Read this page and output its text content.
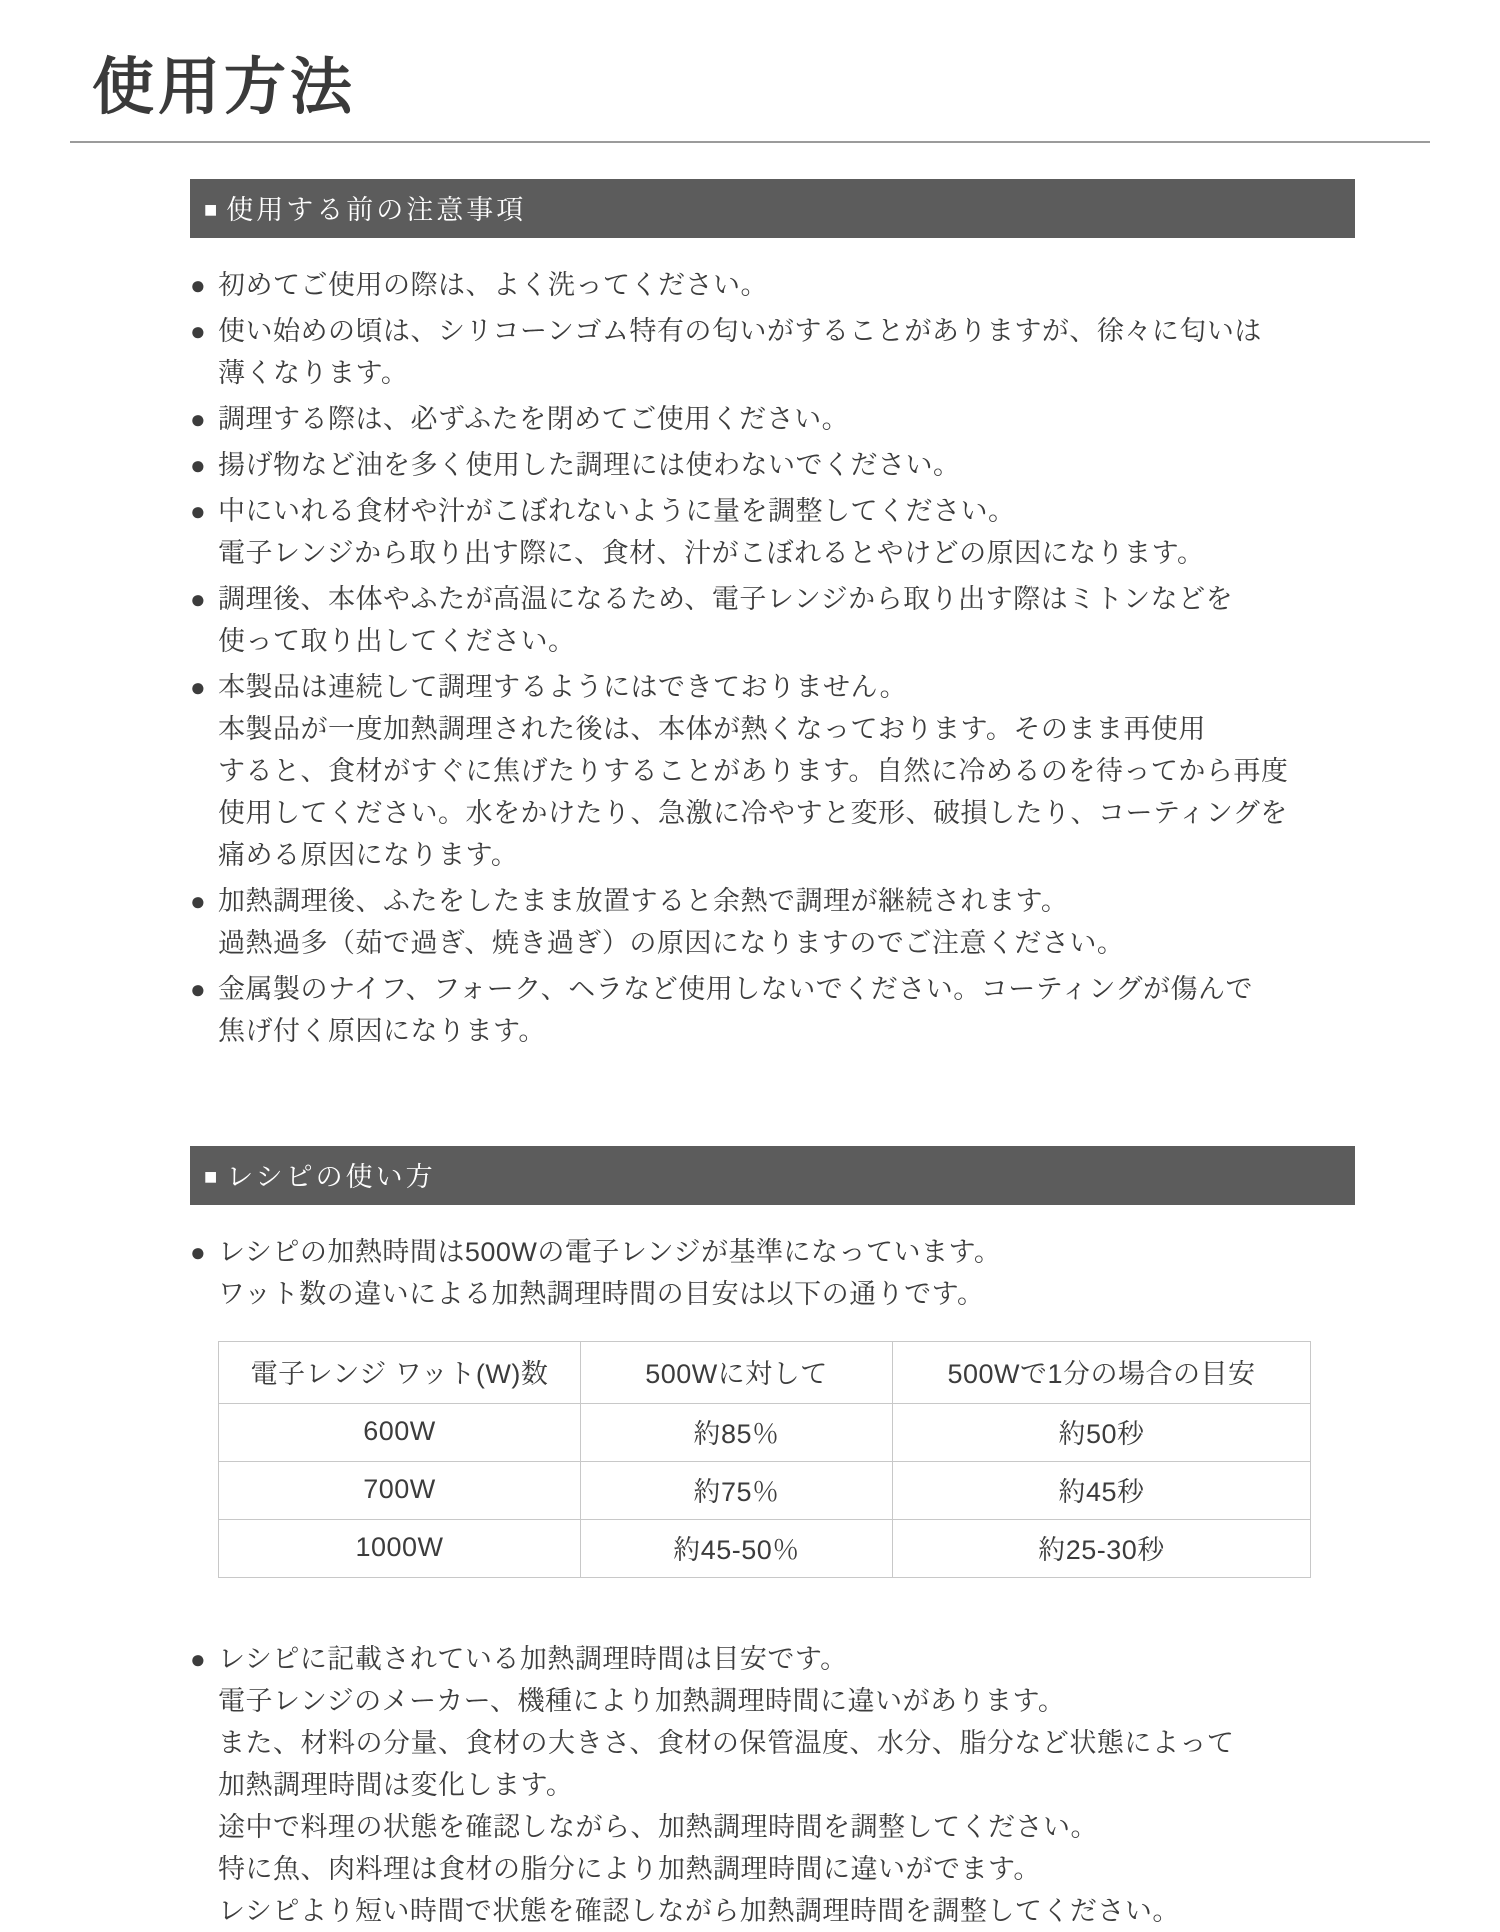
使用方法
■ 使用する前の注意事項
● 初めてご使用の際は、よく洗ってください。
● 使い始めの頃は、シリコーンゴム特有の匂いがすることがありますが、徐々に匂いは
薄くなります。
● 調理する際は、必ずふたを閉めてご使用ください。
● 揚げ物など油を多く使用した調理には使わないでください。
● 中にいれる食材や汁がこぼれないように量を調整してください。
電子レンジから取り出す際に、食材、汁がこぼれるとやけどの原因になります。
● 調理後、本体やふたが高温になるため、電子レンジから取り出す際はミトンなどを
使って取り出してください。
● 本製品は連続して調理するようにはできておりません。
本製品が一度加熱調理された後は、本体が熱くなっております。そのまま再使用
すると、食材がすぐに焦げたりすることがあります。自然に冷めるのを待ってから再度
使用してください。水をかけたり、急激に冷やすと変形、破損したり、コーティングを
痛める原因になります。
● 加熱調理後、ふたをしたまま放置すると余熱で調理が継続されます。
過熱過多（茹で過ぎ、焼き過ぎ）の原因になりますのでご注意ください。
● 金属製のナイフ、フォーク、ヘラなど使用しないでください。コーティングが傷んで
焦げ付く原因になります。
■ レシピの使い方
● レシピの加熱時間は500Wの電子レンジが基準になっています。
ワット数の違いによる加熱調理時間の目安は以下の通りです。
電子レンジ ワット(W)数	500Wに対して	500Wで1分の場合の目安
600W	約85％	約50秒
700W	約75％	約45秒
1000W	約45-50％	約25-30秒
● レシピに記載されている加熱調理時間は目安です。
電子レンジのメーカー、機種により加熱調理時間に違いがあります。
また、材料の分量、食材の大きさ、食材の保管温度、水分、脂分など状態によって
加熱調理時間は変化します。
途中で料理の状態を確認しながら、加熱調理時間を調整してください。
特に魚、肉料理は食材の脂分により加熱調理時間に違いがでます。
レシピより短い時間で状態を確認しながら加熱調理時間を調整してください。
